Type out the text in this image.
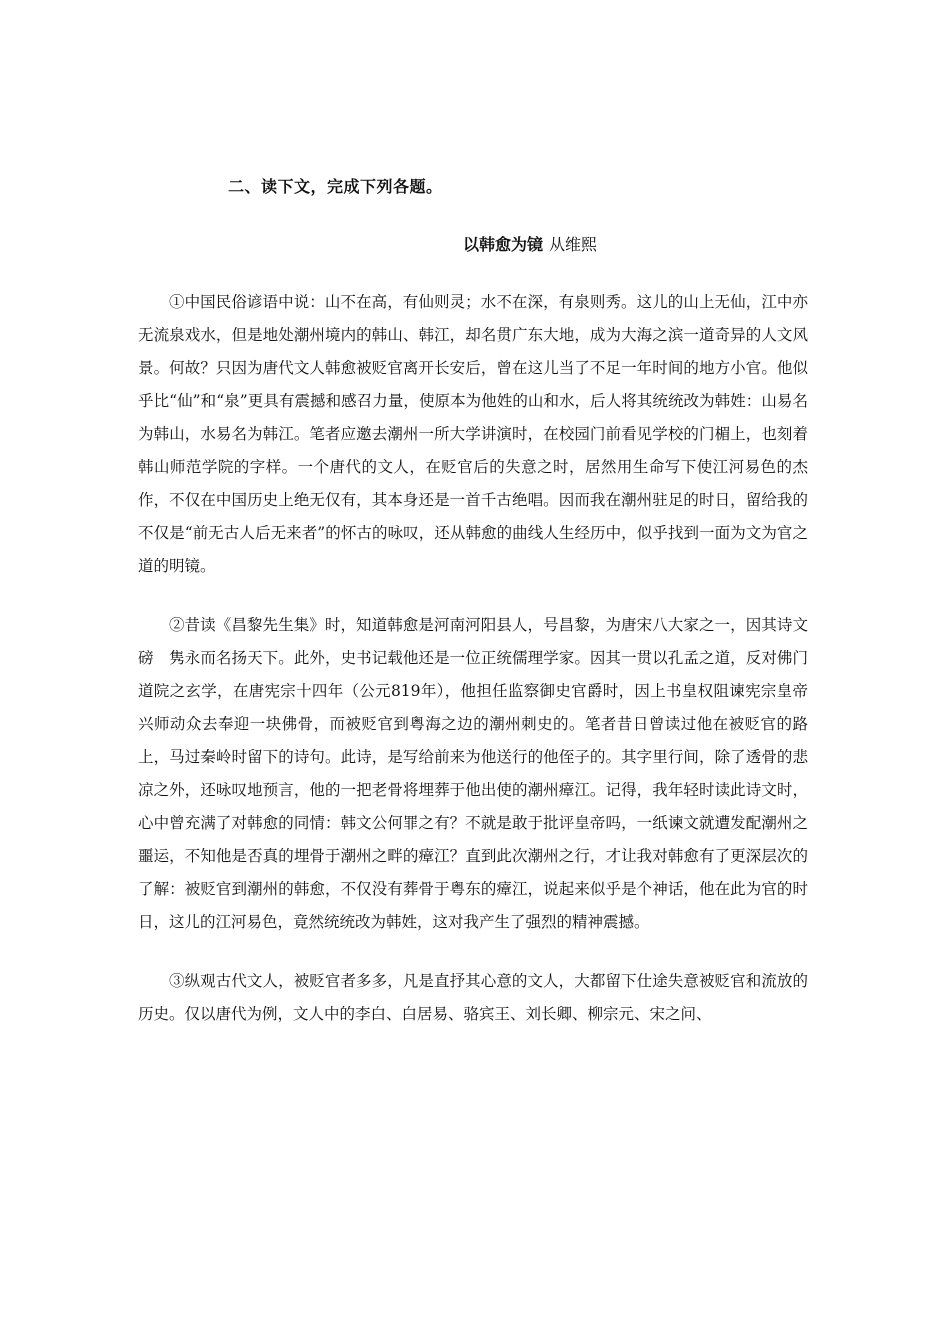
二、读下文，完成下列各题。

以韩愈为镜 从维熙

①中国民俗谚语中说：山不在高，有仙则灵；水不在深，有泉则秀。这儿的山上无仙，江中亦无流泉戏水，但是地处潮州境内的韩山、韩江，却名贯广东大地，成为大海之滨一道奇异的人文风景。何故？只因为唐代文人韩愈被贬官离开长安后，曾在这儿当了不足一年时间的地方小官。他似乎比“仙”和“泉”更具有震撼和感召力量，使原本为他姓的山和水，后人将其统统改为韩姓：山易名为韩山，水易名为韩江。笔者应邀去潮州一所大学讲演时，在校园门前看见学校的门楣上，也刻着韩山师范学院的字样。一个唐代的文人，在贬官后的失意之时，居然用生命写下使江河易色的杰作，不仅在中国历史上绝无仅有，其本身还是一首千古绝唱。因而我在潮州驻足的时日，留给我的不仅是“前无古人后无来者”的怀古的咏叹，还从韩愈的曲线人生经历中，似乎找到一面为文为官之道的明镜。

②昔读《昌黎先生集》时，知道韩愈是河南河阳县人，号昌黎，为唐宋八大家之一，因其诗文磅　隽永而名扬天下。此外，史书记载他还是一位正统儒理学家。因其一贯以孔孟之道，反对佛门道院之玄学，在唐宪宗十四年（公元819年），他担任监察御史官爵时，因上书皇权阻谏宪宗皇帝兴师动众去奉迎一块佛骨，而被贬官到粤海之边的潮州刺史的。笔者昔日曾读过他在被贬官的路上，马过秦岭时留下的诗句。此诗，是写给前来为他送行的他侄子的。其字里行间，除了透骨的悲凉之外，还咏叹地预言，他的一把老骨将埋葬于他出使的潮州瘴江。记得，我年轻时读此诗文时，心中曾充满了对韩愈的同情：韩文公何罪之有？不就是敢于批评皇帝吗，一纸谏文就遭发配潮州之噩运，不知他是否真的埋骨于潮州之畔的瘴江？直到此次潮州之行，才让我对韩愈有了更深层次的了解：被贬官到潮州的韩愈，不仅没有葬骨于粤东的瘴江，说起来似乎是个神话，他在此为官的时日，这儿的江河易色，竟然统统改为韩姓，这对我产生了强烈的精神震撼。

③纵观古代文人，被贬官者多多，凡是直抒其心意的文人，大都留下仕途失意被贬官和流放的历史。仅以唐代为例，文人中的李白、白居易、骆宾王、刘长卿、柳宗元、宋之问、
